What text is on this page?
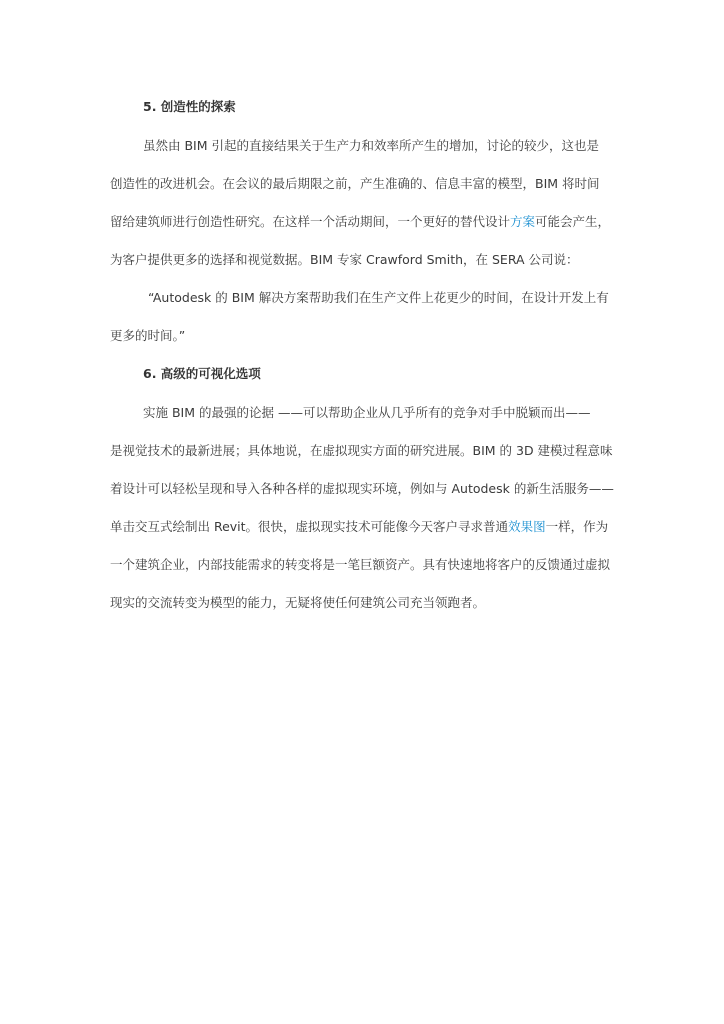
5. 创造性的探索
虽然由 BIM 引起的直接结果关于生产力和效率所产生的增加，讨论的较少，这也是
创造性的改进机会。在会议的最后期限之前，产生准确的、信息丰富的模型，BIM 将时间
留给建筑师进行创造性研究。在这样一个活动期间，一个更好的替代设计方案可能会产生，
为客户提供更多的选择和视觉数据。BIM 专家 Crawford Smith，在 SERA 公司说：
“Autodesk 的 BIM 解决方案帮助我们在生产文件上花更少的时间，在设计开发上有
更多的时间。”
6. 高级的可视化选项
实施 BIM 的最强的论据 ——可以帮助企业从几乎所有的竞争对手中脱颖而出——
是视觉技术的最新进展；具体地说，在虚拟现实方面的研究进展。BIM 的 3D 建模过程意味
着设计可以轻松呈现和导入各种各样的虚拟现实环境，例如与 Autodesk 的新生活服务——
单击交互式绘制出 Revit。很快，虚拟现实技术可能像今天客户寻求普通效果图一样，作为
一个建筑企业，内部技能需求的转变将是一笔巨额资产。具有快速地将客户的反馈通过虚拟
现实的交流转变为模型的能力，无疑将使任何建筑公司充当领跑者。
